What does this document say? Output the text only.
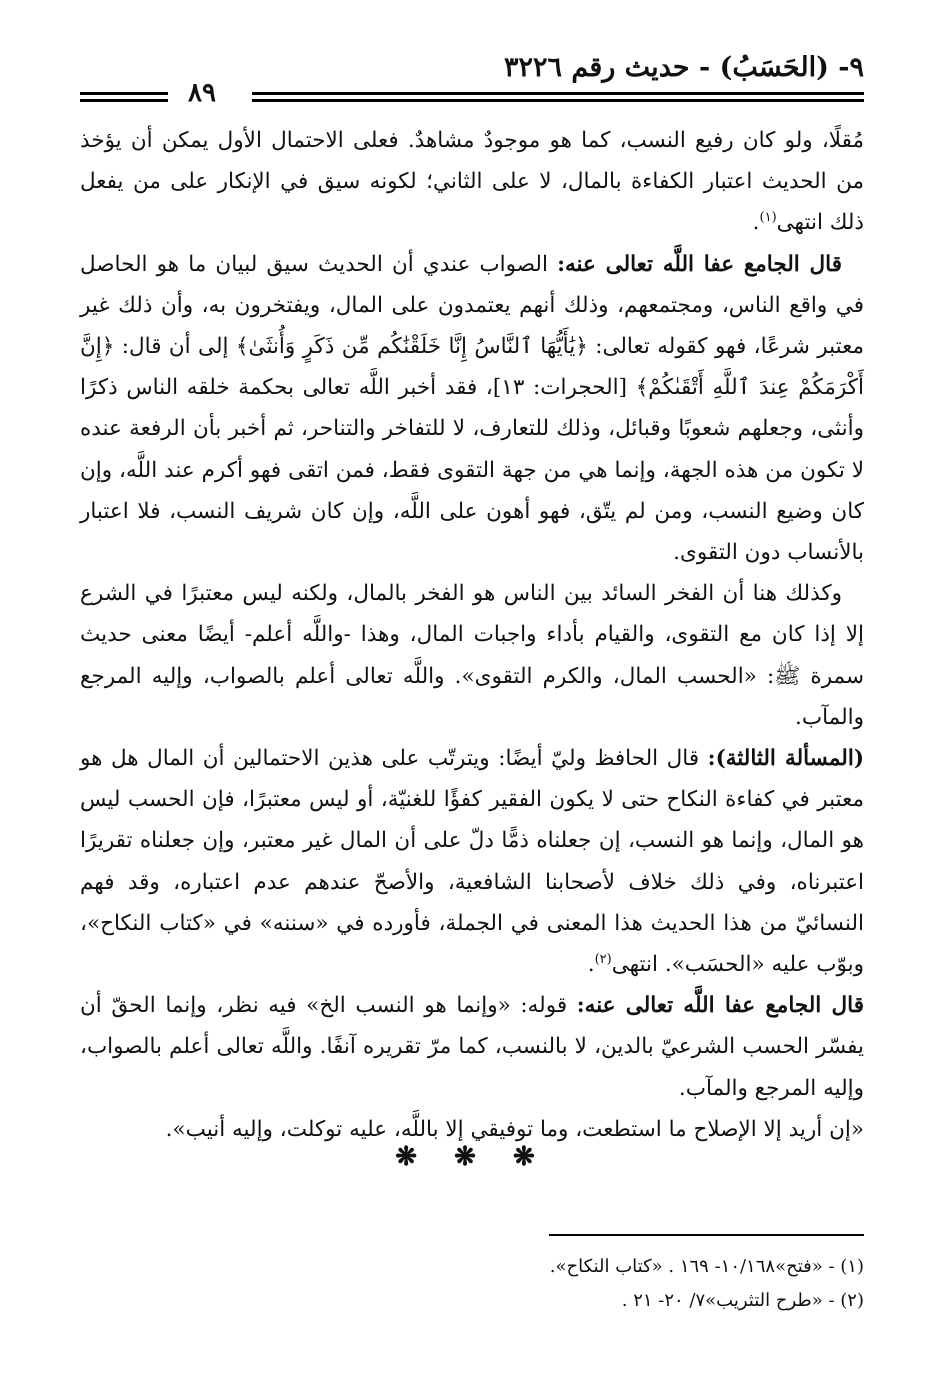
٩- (الحَسَبُ) - حديث رقم ٣٢٢٦
٨٩

مُقلًا، ولو كان رفيع النسب، كما هو موجودٌ مشاهدٌ. فعلى الاحتمال الأول يمكن أن يؤخذ من الحديث اعتبار الكفاءة بالمال، لا على الثاني؛ لكونه سيق في الإنكار على من يفعل ذلك انتهى$^{(١)}$.

قال الجامع عفا اللَّه تعالى عنه: الصواب عندي أن الحديث سيق لبيان ما هو الحاصل في واقع الناس، ومجتمعهم، وذلك أنهم يعتمدون على المال، ويفتخرون به، وأن ذلك غير معتبر شرعًا، فهو كقوله تعالى: ﴿يَٰأَيُّهَا ٱلنَّاسُ إِنَّا خَلَقْنَٰكُم مِّن ذَكَرٍ وَأُنثَىٰ﴾ إلى أن قال: ﴿إِنَّ أَكْرَمَكُمْ عِندَ ٱللَّهِ أَتْقَىٰكُمْ﴾ [الحجرات: ١٣]، فقد أخبر اللَّه تعالى بحكمة خلقه الناس ذكرًا وأنثى، وجعلهم شعوبًا وقبائل، وذلك للتعارف، لا للتفاخر والتناحر، ثم أخبر بأن الرفعة عنده لا تكون من هذه الجهة، وإنما هي من جهة التقوى فقط، فمن اتقى فهو أكرم عند اللَّه، وإن كان وضيع النسب، ومن لم يتّق، فهو أهون على اللَّه، وإن كان شريف النسب، فلا اعتبار بالأنساب دون التقوى.

وكذلك هنا أن الفخر السائد بين الناس هو الفخر بالمال، ولكنه ليس معتبرًا في الشرع إلا إذا كان مع التقوى، والقيام بأداء واجبات المال، وهذا -واللَّه أعلم- أيضًا معنى حديث سمرة ﷺ: «الحسب المال، والكرم التقوى». واللَّه تعالى أعلم بالصواب، وإليه المرجع والمآب.

(المسألة الثالثة): قال الحافظ وليّ أيضًا: ويترتّب على هذين الاحتمالين أن المال هل هو معتبر في كفاءة النكاح حتى لا يكون الفقير كفؤًا للغنيّة، أو ليس معتبرًا، فإن الحسب ليس هو المال، وإنما هو النسب، إن جعلناه ذمًّا دلّ على أن المال غير معتبر، وإن جعلناه تقريرًا اعتبرناه، وفي ذلك خلاف لأصحابنا الشافعية، والأصحّ عندهم عدم اعتباره، وقد فهم النسائيّ من هذا الحديث هذا المعنى في الجملة، فأورده في «سننه» في «كتاب النكاح»، وبوّب عليه «الحسَب». انتهى$^{(٢)}$.

قال الجامع عفا اللَّه تعالى عنه: قوله: «وإنما هو النسب الخ» فيه نظر، وإنما الحقّ أن يفسّر الحسب الشرعيّ بالدين، لا بالنسب، كما مرّ تقريره آنفًا. واللَّه تعالى أعلم بالصواب، وإليه المرجع والمآب.

«إن أريد إلا الإصلاح ما استطعت، وما توفيقي إلا باللَّه، عليه توكلت، وإليه أنيب».

❋ ❋ ❋
(١) - «فتح»١٠/١٦٨- ١٦٩ . «كتاب النكاح».
(٢) - «طرح التثريب»٧/ ٢٠- ٢١ .
